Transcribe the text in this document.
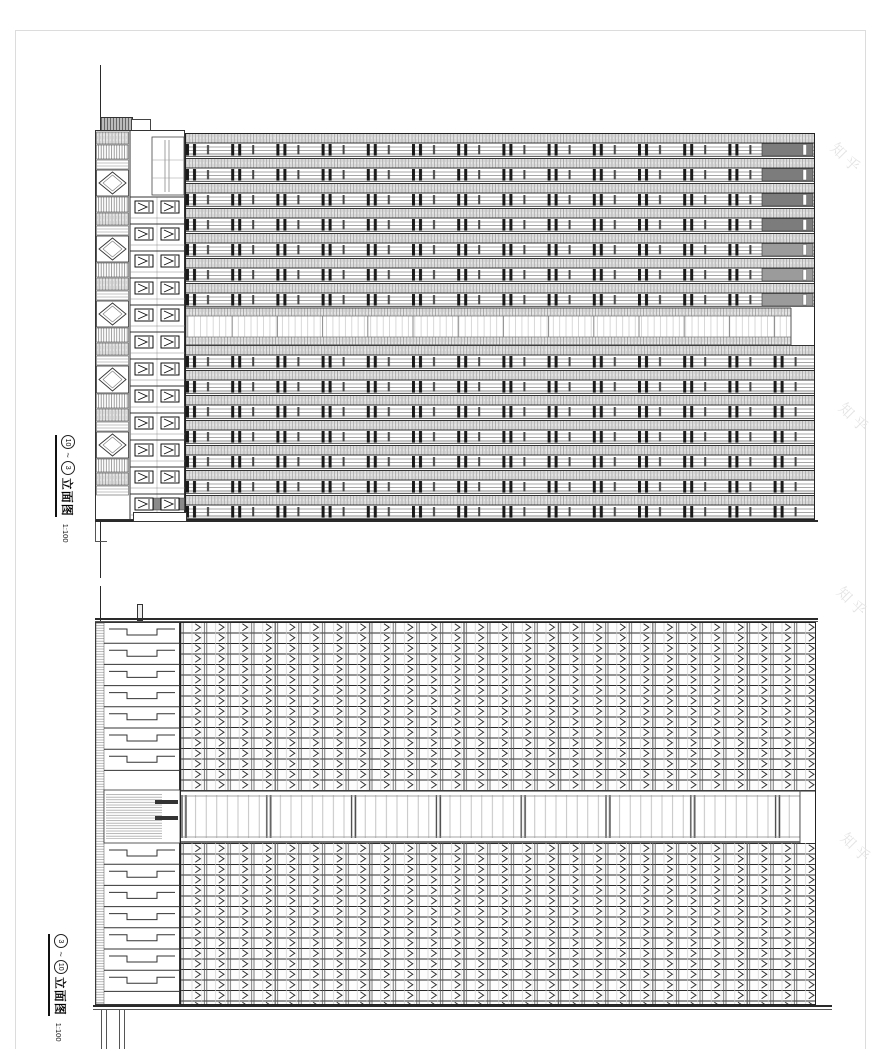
知乎
知乎
知乎
知乎
10
~
3
立面图
1:100
3
~
10
立面图
1:100
